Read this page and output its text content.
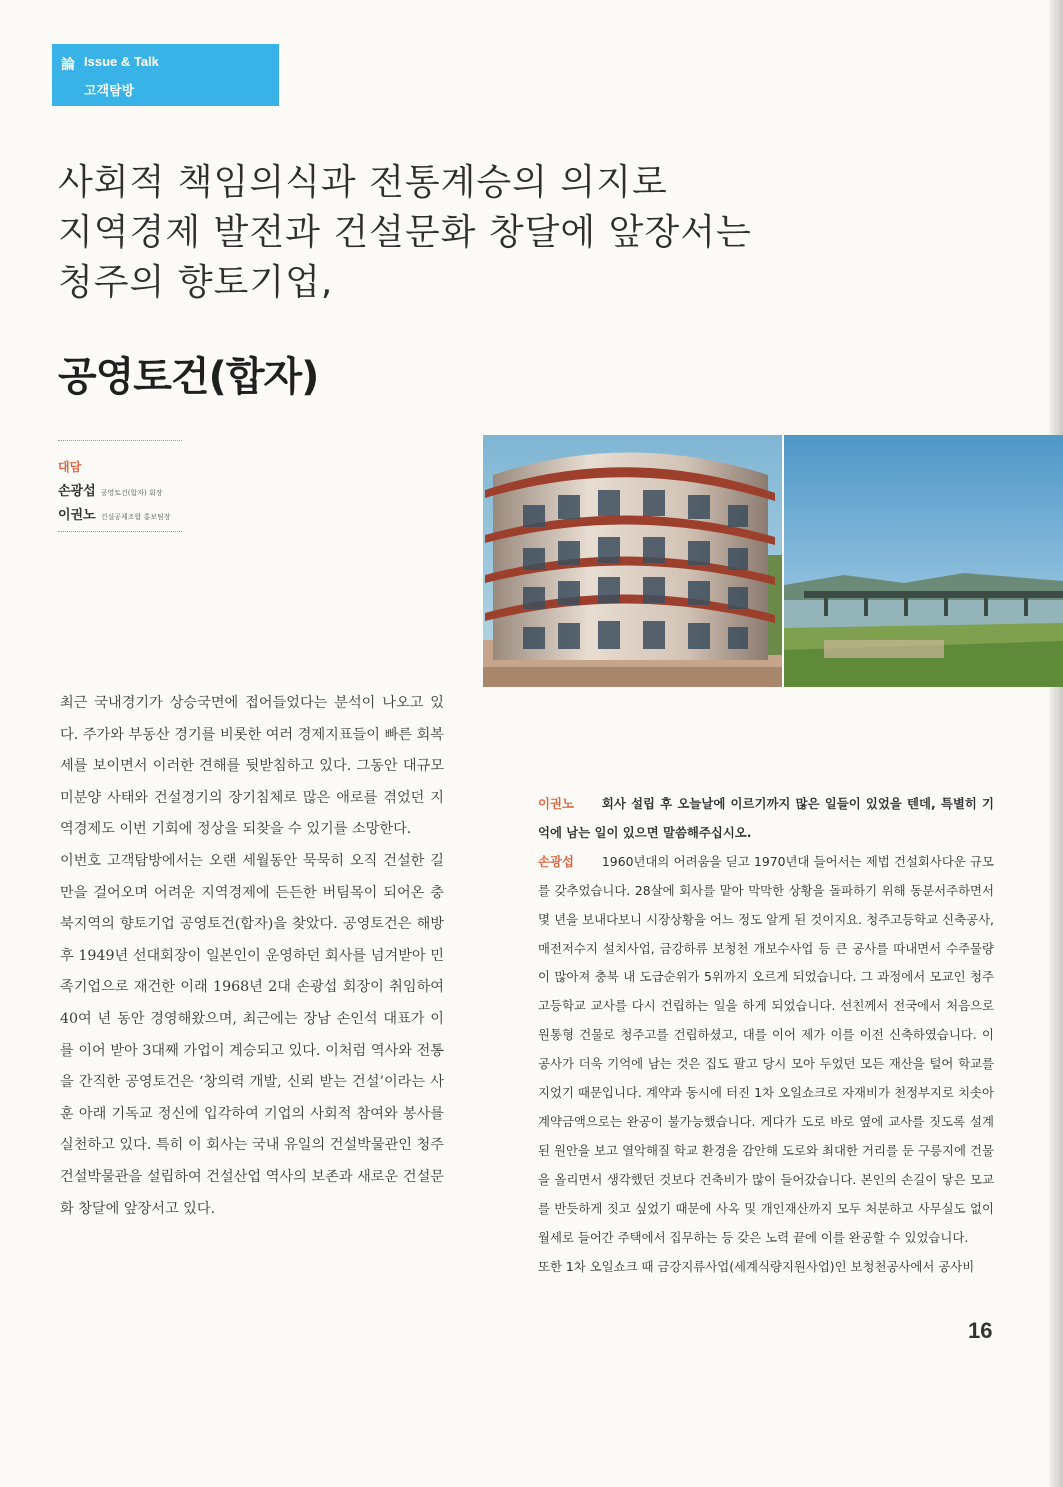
論 Issue & Talk
고객탐방
사회적 책임의식과 전통계승의 의지로
지역경제 발전과 건설문화 창달에 앞장서는
청주의 향토기업,
공영토건(합자)
대담
손광섭 공영토건(합자) 회장
이권노 건설공제조합 홍보팀장

최근 국내경기가 상승국면에 접어들었다는 분석이 나오고 있다. 주가와 부동산 경기를 비롯한 여러 경제지표들이 빠른 회복세를 보이면서 이러한 견해를 뒷받침하고 있다. 그동안 대규모 미분양 사태와 건설경기의 장기침체로 많은 애로를 겪었던 지역경제도 이번 기회에 정상을 되찾을 수 있기를 소망한다.

이번호 고객탐방에서는 오랜 세월동안 묵묵히 오직 건설한 길만을 걸어오며 어려운 지역경제에 든든한 버팀목이 되어온 충북지역의 향토기업 공영토건(합자)을 찾았다. 공영토건은 해방 후 1949년 선대회장이 일본인이 운영하던 회사를 넘겨받아 민족기업으로 재건한 이래 1968년 2대 손광섭 회장이 취임하여 40여 년 동안 경영해왔으며, 최근에는 장남 손인석 대표가 이를 이어 받아 3대째 가업이 계승되고 있다. 이처럼 역사와 전통을 간직한 공영토건은 ‘창의력 개발, 신뢰 받는 건설’이라는 사훈 아래 기독교 정신에 입각하여 기업의 사회적 참여와 봉사를 실천하고 있다. 특히 이 회사는 국내 유일의 건설박물관인 청주건설박물관을 설립하여 건설산업 역사의 보존과 새로운 건설문화 창달에 앞장서고 있다.

이권노 회사 설립 후 오늘날에 이르기까지 많은 일들이 있었을 텐데, 특별히 기억에 남는 일이 있으면 말씀해주십시오.

손광섭 1960년대의 어려움을 딛고 1970년대 들어서는 제법 건설회사다운 규모를 갖추었습니다. 28살에 회사를 맡아 막막한 상황을 돌파하기 위해 동분서주하면서 몇 년을 보내다보니 시장상황을 어느 정도 알게 된 것이지요. 청주고등학교 신축공사, 매전저수지 설치사업, 금강하류 보청천 개보수사업 등 큰 공사를 따내면서 수주물량이 많아져 충북 내 도급순위가 5위까지 오르게 되었습니다. 그 과정에서 모교인 청주고등학교 교사를 다시 건립하는 일을 하게 되었습니다. 선친께서 전국에서 처음으로 원통형 건물로 청주고를 건립하셨고, 대를 이어 제가 이를 이전 신축하였습니다. 이 공사가 더욱 기억에 남는 것은 집도 팔고 당시 모아 두었던 모든 재산을 털어 학교를 지었기 때문입니다. 계약과 동시에 터진 1차 오일쇼크로 자재비가 천정부지로 치솟아 계약금액으로는 완공이 불가능했습니다. 게다가 도로 바로 옆에 교사를 짓도록 설계된 원안을 보고 열악해질 학교 환경을 감안해 도로와 최대한 거리를 둔 구릉지에 건물을 올리면서 생각했던 것보다 건축비가 많이 들어갔습니다. 본인의 손길이 닿은 모교를 반듯하게 짓고 싶었기 때문에 사옥 및 개인재산까지 모두 처분하고 사무실도 없이 월세로 들어간 주택에서 집무하는 등 갖은 노력 끝에 이를 완공할 수 있었습니다.

또한 1차 오일쇼크 때 금강지류사업(세계식량지원사업)인 보청천공사에서 공사비

16
